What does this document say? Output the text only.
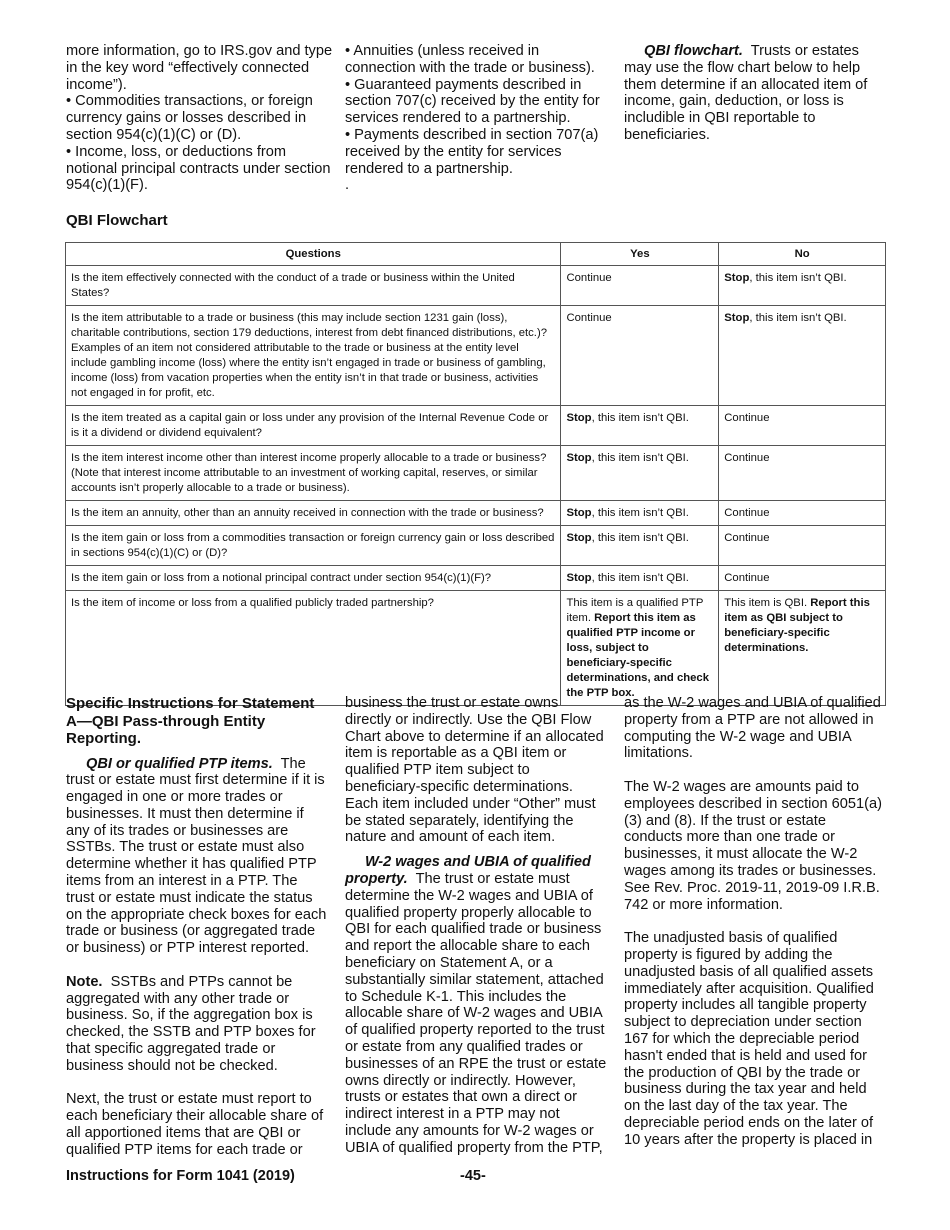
more information, go to IRS.gov and type in the key word “effectively connected income”).

• Commodities transactions, or foreign currency gains or losses described in section 954(c)(1)(C) or (D).

• Income, loss, or deductions from notional principal contracts under section 954(c)(1)(F).

• Annuities (unless received in connection with the trade or business).

• Guaranteed payments described in section 707(c) received by the entity for services rendered to a partnership.

• Payments described in section 707(a) received by the entity for services rendered to a partnership.

.

QBI flowchart. Trusts or estates may use the flow chart below to help them determine if an allocated item of income, gain, deduction, or loss is includible in QBI reportable to beneficiaries.

QBI Flowchart
Questions	Yes	No
Is the item effectively connected with the conduct of a trade or business within the United States?	Continue	Stop, this item isn’t QBI.
Is the item attributable to a trade or business (this may include section 1231 gain (loss), charitable contributions, section 179 deductions, interest from debt financed distributions, etc.)? Examples of an item not considered attributable to the trade or business at the entity level include gambling income (loss) where the entity isn’t engaged in trade or business of gambling, income (loss) from vacation properties when the entity isn’t in that trade or business, activities not engaged in for profit, etc.	Continue	Stop, this item isn’t QBI.
Is the item treated as a capital gain or loss under any provision of the Internal Revenue Code or is it a dividend or dividend equivalent?	Stop, this item isn’t QBI.	Continue
Is the item interest income other than interest income properly allocable to a trade or business? (Note that interest income attributable to an investment of working capital, reserves, or similar accounts isn’t properly allocable to a trade or business).	Stop, this item isn’t QBI.	Continue
Is the item an annuity, other than an annuity received in connection with the trade or business?	Stop, this item isn’t QBI.	Continue
Is the item gain or loss from a commodities transaction or foreign currency gain or loss described in sections 954(c)(1)(C) or (D)?	Stop, this item isn’t QBI.	Continue
Is the item gain or loss from a notional principal contract under section 954(c)(1)(F)?	Stop, this item isn’t QBI.	Continue
Is the item of income or loss from a qualified publicly traded partnership?	This item is a qualified PTP item. Report this item as qualified PTP income or loss, subject to beneficiary-specific determinations, and check the PTP box.	This item is QBI. Report this item as QBI subject to beneficiary-specific determinations.

Specific Instructions for Statement A—QBI Pass-through Entity Reporting.

QBI or qualified PTP items. The trust or estate must first determine if it is engaged in one or more trades or businesses. It must then determine if any of its trades or businesses are SSTBs. The trust or estate must also determine whether it has qualified PTP items from an interest in a PTP. The trust or estate must indicate the status on the appropriate check boxes for each trade or business (or aggregated trade or business) or PTP interest reported.

Note. SSTBs and PTPs cannot be aggregated with any other trade or business. So, if the aggregation box is checked, the SSTB and PTP boxes for that specific aggregated trade or business should not be checked.

Next, the trust or estate must report to each beneficiary their allocable share of all apportioned items that are QBI or qualified PTP items for each trade or

business the trust or estate owns directly or indirectly. Use the QBI Flow Chart above to determine if an allocated item is reportable as a QBI item or qualified PTP item subject to beneficiary-specific determinations. Each item included under “Other” must be stated separately, identifying the nature and amount of each item.

W-2 wages and UBIA of qualified property. The trust or estate must determine the W-2 wages and UBIA of qualified property properly allocable to QBI for each qualified trade or business and report the allocable share to each beneficiary on Statement A, or a substantially similar statement, attached to Schedule K-1. This includes the allocable share of W-2 wages and UBIA of qualified property reported to the trust or estate from any qualified trades or businesses of an RPE the trust or estate owns directly or indirectly. However, trusts or estates that own a direct or indirect interest in a PTP may not include any amounts for W-2 wages or UBIA of qualified property from the PTP,

as the W-2 wages and UBIA of qualified property from a PTP are not allowed in computing the W-2 wage and UBIA limitations.

The W-2 wages are amounts paid to employees described in section 6051(a)(3) and (8). If the trust or estate conducts more than one trade or businesses, it must allocate the W-2 wages among its trades or businesses. See Rev. Proc. 2019-11, 2019-09 I.R.B. 742 or more information.

The unadjusted basis of qualified property is figured by adding the unadjusted basis of all qualified assets immediately after acquisition. Qualified property includes all tangible property subject to depreciation under section 167 for which the depreciable period hasn't ended that is held and used for the production of QBI by the trade or business during the tax year and held on the last day of the tax year. The depreciable period ends on the later of 10 years after the property is placed in

Instructions for Form 1041 (2019)	-45-
